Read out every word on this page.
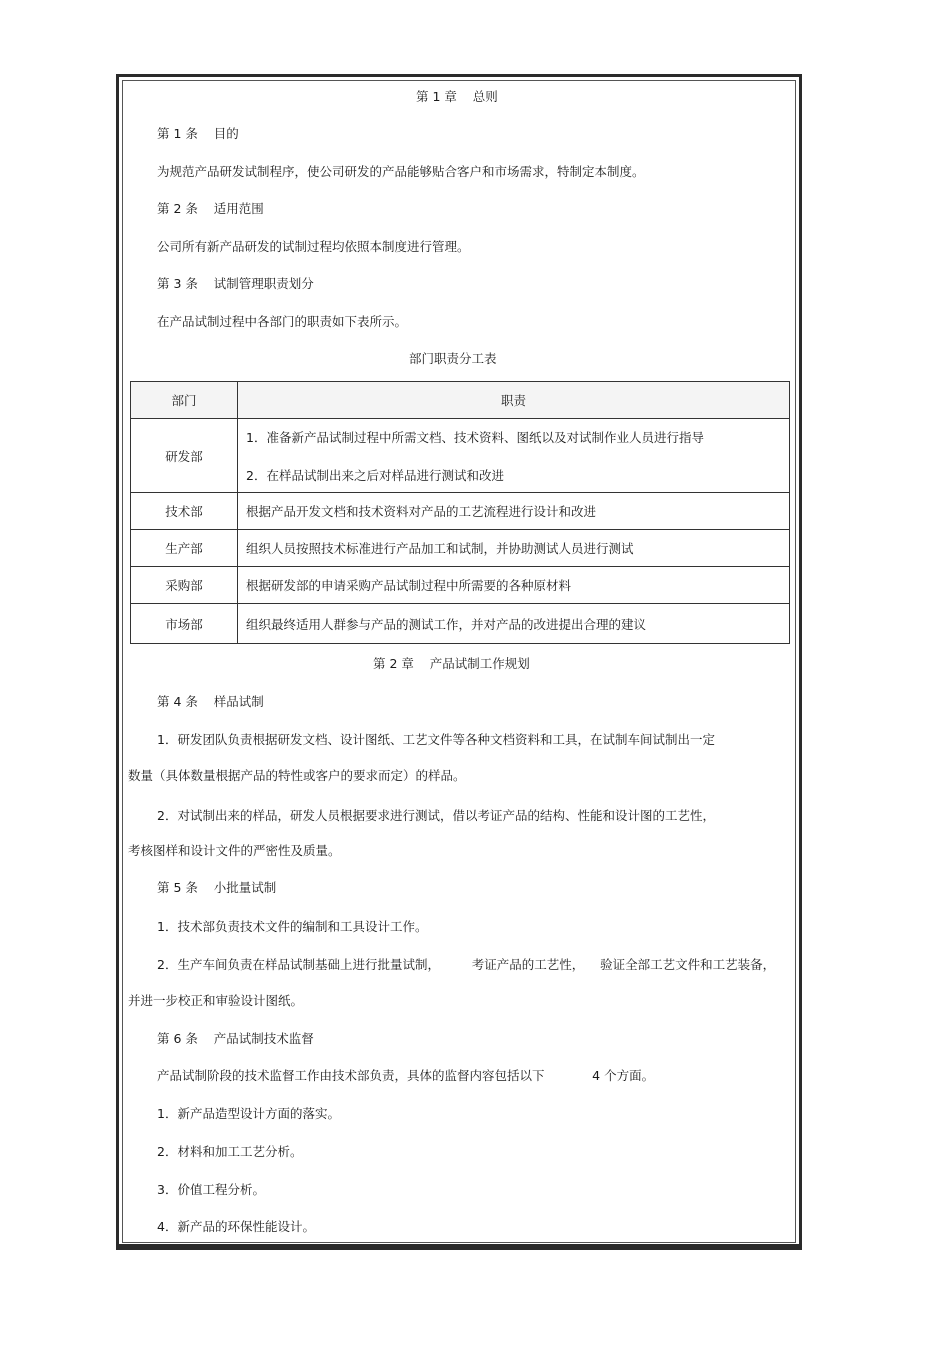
第 1 章    总则
第 1 条    目的
为规范产品研发试制程序，使公司研发的产品能够贴合客户和市场需求，特制定本制度。
第 2 条    适用范围
公司所有新产品研发的试制过程均依照本制度进行管理。
第 3 条    试制管理职责划分
在产品试制过程中各部门的职责如下表所示。
部门职责分工表
部门	职责
研发部	1．准备新产品试制过程中所需文档、技术资料、图纸以及对试制作业人员进行指导
2．在样品试制出来之后对样品进行测试和改进

技术部	根据产品开发文档和技术资料对产品的工艺流程进行设计和改进
生产部	组织人员按照技术标准进行产品加工和试制，并协助测试人员进行测试
采购部	根据研发部的申请采购产品试制过程中所需要的各种原材料
市场部	组织最终适用人群参与产品的测试工作，并对产品的改进提出合理的建议
第 2 章    产品试制工作规划
第 4 条    样品试制
1．研发团队负责根据研发文档、设计图纸、工艺文件等各种文档资料和工具，在试制车间试制出一定
数量（具体数量根据产品的特性或客户的要求而定）的样品。
2．对试制出来的样品，研发人员根据要求进行测试，借以考证产品的结构、性能和设计图的工艺性，
考核图样和设计文件的严密性及质量。
第 5 条    小批量试制
1．技术部负责技术文件的编制和工具设计工作。
2．生产车间负责在样品试制基础上进行批量试制，        考证产品的工艺性，    验证全部工艺文件和工艺装备，
并进一步校正和审验设计图纸。
第 6 条    产品试制技术监督
产品试制阶段的技术监督工作由技术部负责，具体的监督内容包括以下            4 个方面。
1．新产品造型设计方面的落实。
2．材料和加工工艺分析。
3．价值工程分析。
4．新产品的环保性能设计。
